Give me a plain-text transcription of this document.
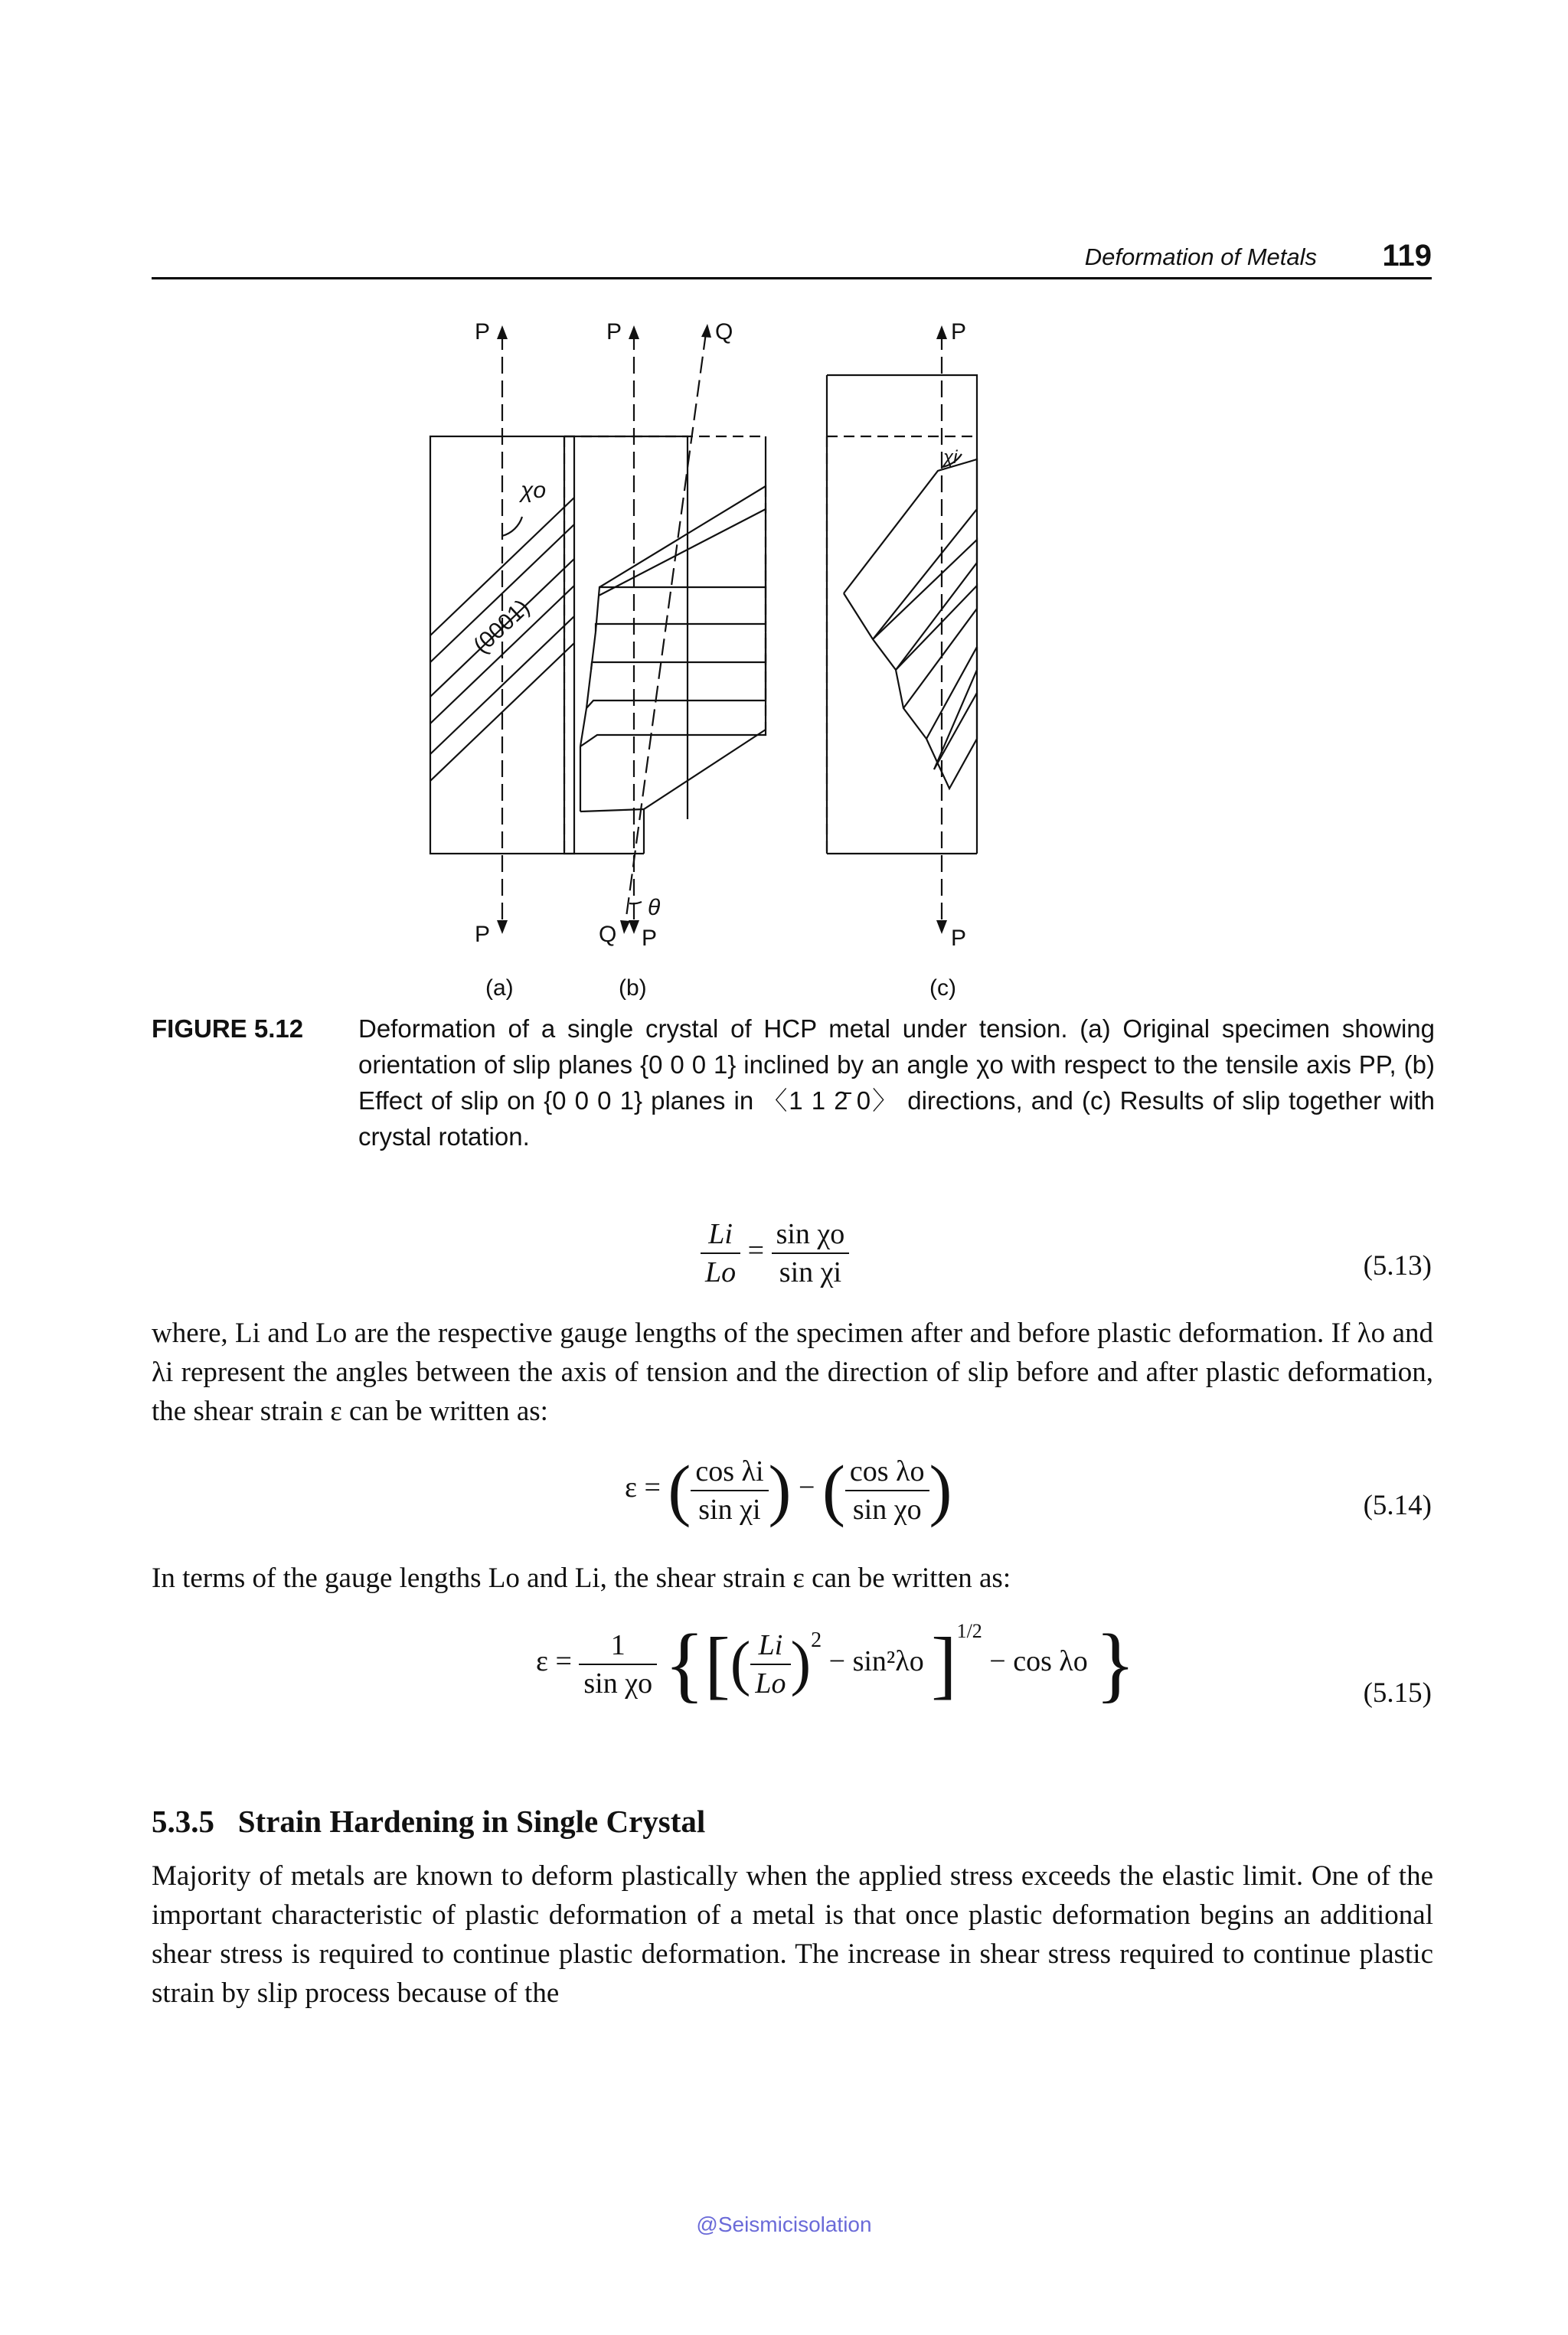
Deformation of Metals 119
P
P
P	Q
Q P
P
P
χo
χi
(0001)
θ
(a)	(b)	(c)
FIGURE 5.12 Deformation of a single crystal of HCP metal under tension. (a) Original specimen showing orientation of slip planes {0 0 0 1} inclined by an angle χo with respect to the tensile axis PP, (b) Effect of slip on {0 0 0 1} planes in 〈1 1 2̄ 0〉 directions, and (c) Results of slip together with crystal rotation.
$\frac{Li}{Lo} = \frac{\text{sin χo}}{\text{sin χi}}$	(5.13)
where, Li and Lo are the respective gauge lengths of the specimen after and before plastic deformation. If λo and λi represent the angles between the axis of tension and the direction of slip before and after plastic deformation, the shear strain ε can be written as:
ε = ( $\frac{\text{cos λi}}{\text{sin χi}}$ ) − ( $\frac{\text{cos λo}}{\text{sin χo}}$ )	(5.14)
In terms of the gauge lengths Lo and Li, the shear strain ε can be written as:
$\varepsilon = \frac{1}{\text{sin χo}}$ {[( $\frac{Li}{Lo} )^2 - \sin^2\lambda o$ ]$^{1/2}$ − cos λo }	(5.15)
5.3.5   Strain Hardening in Single Crystal
Majority of metals are known to deform plastically when the applied stress exceeds the elastic limit. One of the important characteristic of plastic deformation of a metal is that once plastic deformation begins an additional shear stress is required to continue plastic deformation. The increase in shear stress required to continue plastic strain by slip process because of the
@Seismicisolation
